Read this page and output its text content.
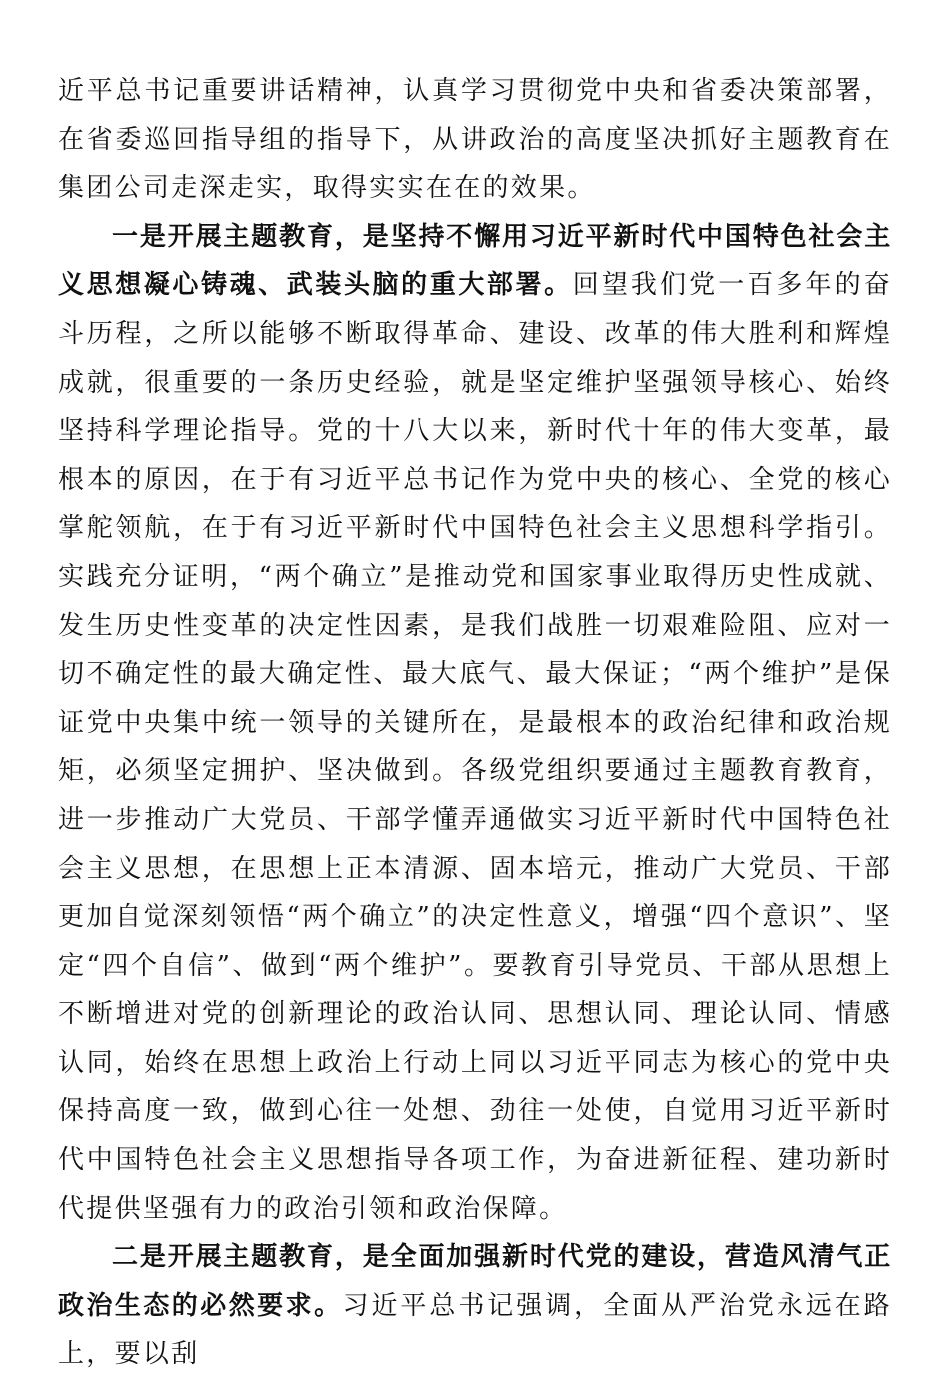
近平总书记重要讲话精神，认真学习贯彻党中央和省委决策部署，在省委巡回指导组的指导下，从讲政治的高度坚决抓好主题教育在集团公司走深走实，取得实实在在的效果。

一是开展主题教育，是坚持不懈用习近平新时代中国特色社会主义思想凝心铸魂、武装头脑的重大部署。回望我们党一百多年的奋斗历程，之所以能够不断取得革命、建设、改革的伟大胜利和辉煌成就，很重要的一条历史经验，就是坚定维护坚强领导核心、始终坚持科学理论指导。党的十八大以来，新时代十年的伟大变革，最根本的原因，在于有习近平总书记作为党中央的核心、全党的核心掌舵领航，在于有习近平新时代中国特色社会主义思想科学指引。实践充分证明，“两个确立”是推动党和国家事业取得历史性成就、发生历史性变革的决定性因素，是我们战胜一切艰难险阻、应对一切不确定性的最大确定性、最大底气、最大保证；“两个维护”是保证党中央集中统一领导的关键所在，是最根本的政治纪律和政治规矩，必须坚定拥护、坚决做到。各级党组织要通过主题教育教育，进一步推动广大党员、干部学懂弄通做实习近平新时代中国特色社会主义思想，在思想上正本清源、固本培元，推动广大党员、干部更加自觉深刻领悟“两个确立”的决定性意义，增强“四个意识”、坚定“四个自信”、做到“两个维护”。要教育引导党员、干部从思想上不断增进对党的创新理论的政治认同、思想认同、理论认同、情感认同，始终在思想上政治上行动上同以习近平同志为核心的党中央保持高度一致，做到心往一处想、劲往一处使，自觉用习近平新时代中国特色社会主义思想指导各项工作，为奋进新征程、建功新时代提供坚强有力的政治引领和政治保障。

二是开展主题教育，是全面加强新时代党的建设，营造风清气正政治生态的必然要求。习近平总书记强调，全面从严治党永远在路上，要以刮
